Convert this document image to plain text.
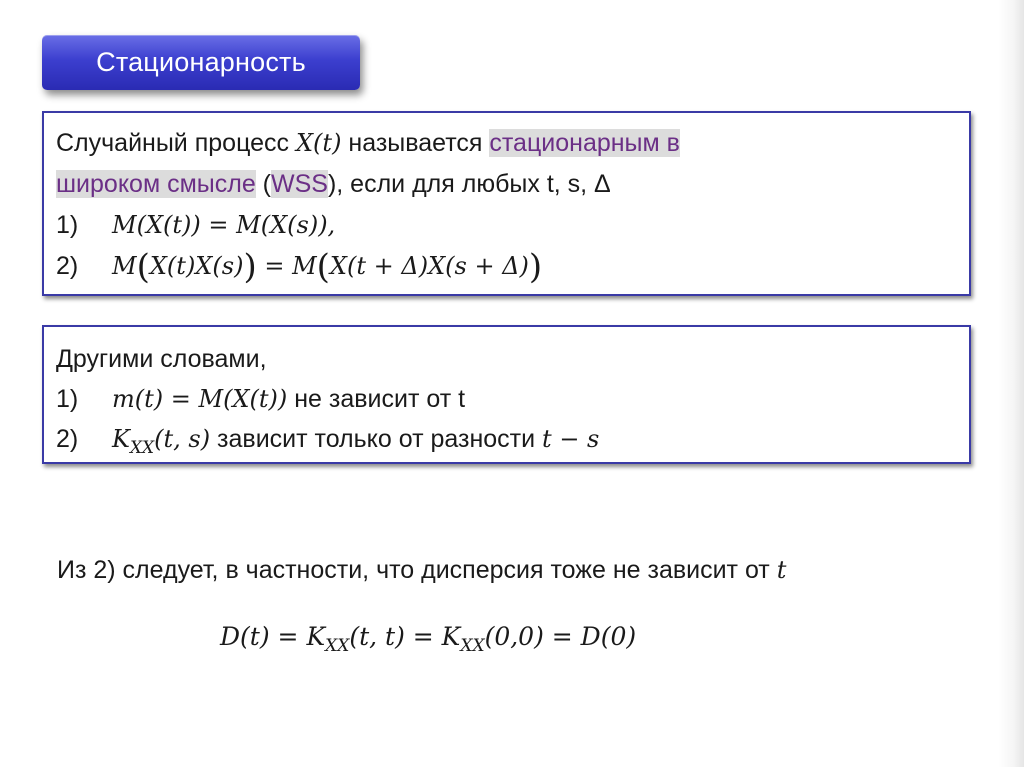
Стационарность
Случайный процесс X(t) называется стационарным в
широком смысле (WSS), если для любых t, s, Δ
1) M(X(t)) = M(X(s)),
2) M(X(t)X(s)) = M(X(t + Δ)X(s + Δ))
Другими словами,
1) m(t) = M(X(t)) не зависит от t
2) $K_{XX}(t$, s) зависит только от разности t − s
Из 2) следует, в частности, что дисперсия тоже не зависит от t
$D(t) = K_{XX}(t$, $t) = K_{XX}(0,0) = D(0)$
